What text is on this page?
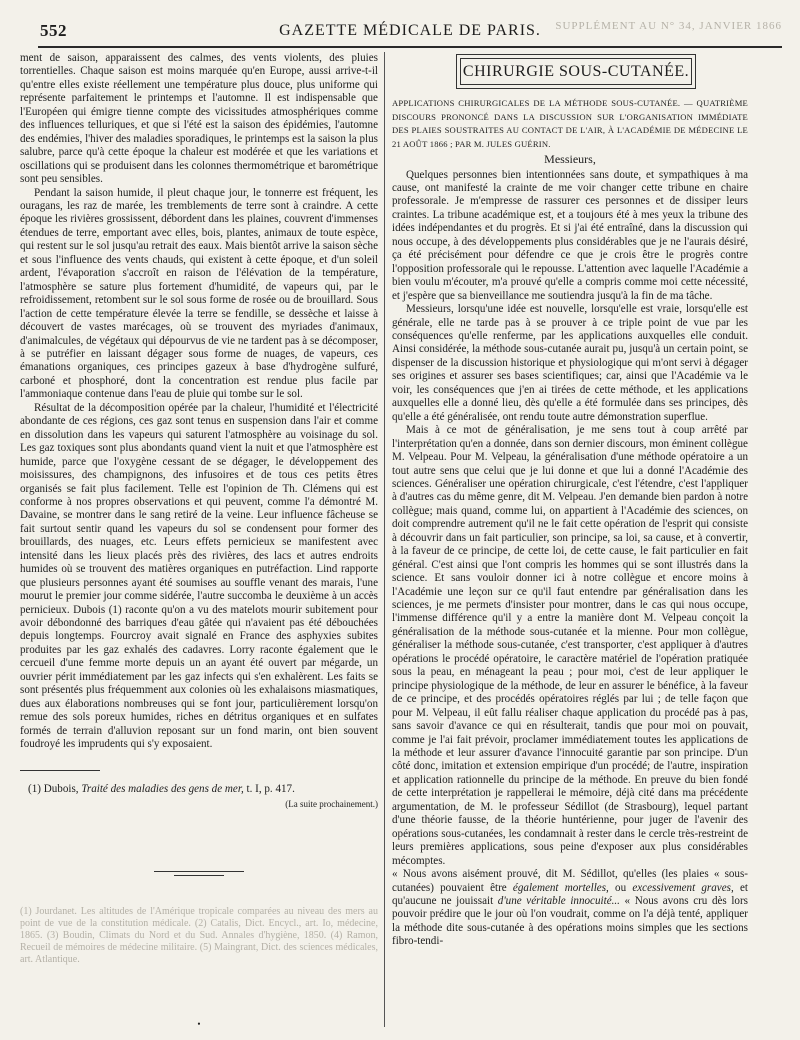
552	GAZETTE MÉDICALE DE PARIS.	SUPPLÉMENT AU N° 34, JANVIER 1866

ment de saison, apparaissent des calmes, des vents violents, des pluies torrentielles. Chaque saison est moins marquée qu'en Europe, aussi arrive-t-il qu'entre elles existe réellement une température plus douce, plus uniforme qui représente parfaitement le printemps et l'automne. Il est indispensable que l'Européen qui émigre tienne compte des vicissitudes atmosphériques comme des influences telluriques, et que si l'été est la saison des épidémies, l'automne des endémies, l'hiver des maladies sporadiques, le printemps est la saison la plus salubre, parce qu'à cette époque la chaleur est modérée et que les variations et oscillations qui se produisent dans les colonnes thermométrique et barométrique sont peu sensibles.

Pendant la saison humide, il pleut chaque jour, le tonnerre est fréquent, les ouragans, les raz de marée, les tremblements de terre sont à craindre. A cette époque les rivières grossissent, débordent dans les plaines, couvrent d'immenses étendues de terre, emportant avec elles, bois, plantes, animaux de toute espèce, qui restent sur le sol jusqu'au retrait des eaux. Mais bientôt arrive la saison sèche et sous l'influence des vents chauds, qui existent à cette époque, et d'un soleil ardent, l'évaporation s'accroît en raison de l'élévation de la température, l'atmosphère se sature plus fortement d'humidité, de vapeurs qui, par le refroidissement, retombent sur le sol sous forme de rosée ou de brouillard. Sous l'action de cette température élevée la terre se fendille, se dessèche et laisse à découvert de vastes marécages, où se trouvent des myriades d'animaux, d'animalcules, de végétaux qui dépourvus de vie ne tardent pas à se décomposer, à se putréfier en laissant dégager sous forme de nuages, de vapeurs, ces émanations organiques, ces principes gazeux à base d'hydrogène sulfuré, carboné et phosphoré, dont la concentration est rendue plus facile par l'ammoniaque contenue dans l'eau de pluie qui tombe sur le sol.

Résultat de la décomposition opérée par la chaleur, l'humidité et l'électricité abondante de ces régions, ces gaz sont tenus en suspension dans l'air et comme en dissolution dans les vapeurs qui saturent l'atmosphère au voisinage du sol. Les gaz toxiques sont plus abondants quand vient la nuit et que l'atmosphère est humide, parce que l'oxygène cessant de se dégager, le développement des moisissures, des champignons, des infusoires et de tous ces petits êtres organisés se fait plus facilement. Telle est l'opinion de Th. Clémens qui est conforme à nos propres observations et qui peuvent, comme l'a démontré M. Davaine, se montrer dans le sang retiré de la veine. Leur influence fâcheuse se fait surtout sentir quand les vapeurs du sol se condensent pour former des brouillards, des nuages, etc. Leurs effets pernicieux se manifestent avec intensité dans les lieux placés près des rivières, des lacs et autres endroits humides où se trouvent des matières organiques en putréfaction. Lind rapporte que plusieurs personnes ayant été soumises au souffle venant des marais, l'une mourut le premier jour comme sidérée, l'autre succomba le deuxième à un accès pernicieux. Dubois (1) raconte qu'on a vu des matelots mourir subitement pour avoir débondonné des barriques d'eau gâtée qui n'avaient pas été débouchées depuis longtemps. Fourcroy avait signalé en France des asphyxies subites produites par les gaz exhalés des cadavres. Lorry raconte également que le cercueil d'une femme morte depuis un an ayant été ouvert par mégarde, un ouvrier périt immédiatement par les gaz infects qui s'en exhalèrent. Les faits se sont présentés plus fréquemment aux colonies où les exhalaisons miasmatiques, dues aux élaborations nombreuses qui se font jour, particulièrement lorsqu'on remue des sols poreux humides, riches en détritus organiques et en sulfates formés de terrain d'alluvion reposant sur un fond marin, ont bien souvent foudroyé les imprudents qui s'y exposaient.

(1) Dubois, Traité des maladies des gens de mer, t. I, p. 417.

(La suite prochainement.)
(1) Jourdanet. Les altitudes de l'Amérique tropicale comparées au niveau des mers au point de vue de la constitution médicale. (2) Catalis, Dict. Encycl., art. Io, médecine, 1865. (3) Boudin, Climats du Nord et du Sud. Annales d'hygiène, 1850. (4) Ramon, Recueil de mémoires de médecine militaire. (5) Maingrant, Dict. des sciences médicales, art. Atlantique.
•
CHIRURGIE SOUS-CUTANÉE.

APPLICATIONS CHIRURGICALES DE LA MÉTHODE SOUS-CUTANÉE. — QUATRIÈME DISCOURS PRONONCÉ DANS LA DISCUSSION SUR L'ORGANISATION IMMÉDIATE DES PLAIES SOUSTRAITES AU CONTACT DE L'AIR, À L'ACADÉMIE DE MÉDECINE LE 21 AOÛT 1866 ; PAR M. JULES GUÉRIN.

Messieurs,

Quelques personnes bien intentionnées sans doute, et sympathiques à ma cause, ont manifesté la crainte de me voir changer cette tribune en chaire professorale. Je m'empresse de rassurer ces personnes et de dissiper leurs craintes. La tribune académique est, et a toujours été à mes yeux la tribune des idées indépendantes et du progrès. Et si j'ai été entraîné, dans la discussion qui nous occupe, à des développements plus considérables que je ne l'aurais désiré, ça été précisément pour défendre ce que je crois être le progrès contre l'opposition professorale qui le repousse. L'attention avec laquelle l'Académie a bien voulu m'écouter, m'a prouvé qu'elle a compris comme moi cette nécessité, et j'espère que sa bienveillance me soutiendra jusqu'à la fin de ma tâche.

Messieurs, lorsqu'une idée est nouvelle, lorsqu'elle est vraie, lorsqu'elle est générale, elle ne tarde pas à se prouver à ce triple point de vue par les conséquences qu'elle renferme, par les applications auxquelles elle conduit. Ainsi considérée, la méthode sous-cutanée aurait pu, jusqu'à un certain point, se dispenser de la discussion historique et physiologique qui m'ont servi à dégager ses origines et assurer ses bases scientifiques; car, ainsi que l'Académie va le voir, les conséquences que j'en ai tirées de cette méthode, et les applications auxquelles elle a donné lieu, dès qu'elle a été formulée dans ses principes, dès qu'elle a été généralisée, ont rendu toute autre démonstration superflue.

Mais à ce mot de généralisation, je me sens tout à coup arrêté par l'interprétation qu'en a donnée, dans son dernier discours, mon éminent collègue M. Velpeau. Pour M. Velpeau, la généralisation d'une méthode opératoire a un tout autre sens que celui que je lui donne et que lui a donné l'Académie des sciences. Généraliser une opération chirurgicale, c'est l'étendre, c'est l'appliquer à d'autres cas du même genre, dit M. Velpeau. J'en demande bien pardon à notre collègue; mais quand, comme lui, on appartient à l'Académie des sciences, on doit comprendre autrement qu'il ne le fait cette opération de l'esprit qui consiste à découvrir dans un fait particulier, son principe, sa loi, sa cause, et à convertir, à la faveur de ce principe, de cette loi, de cette cause, le fait particulier en fait général. C'est ainsi que l'ont compris les hommes qui se sont illustrés dans la science. Et sans vouloir donner ici à notre collègue et encore moins à l'Académie une leçon sur ce qu'il faut entendre par généralisation dans les sciences, je me permets d'insister pour montrer, dans le cas qui nous occupe, l'immense différence qu'il y a entre la manière dont M. Velpeau conçoit la généralisation de la méthode sous-cutanée et la mienne. Pour mon collègue, généraliser la méthode sous-cutanée, c'est transporter, c'est appliquer à d'autres opérations le procédé opératoire, le caractère matériel de l'opération pratiquée sous la peau, en ménageant la peau ; pour moi, c'est de leur appliquer le principe physiologique de la méthode, de leur en assurer le bénéfice, à la faveur de ce principe, et des procédés opératoires réglés par lui ; de telle façon que pour M. Velpeau, il eût fallu réaliser chaque application du procédé pas à pas, sans savoir d'avance ce qui en résulterait, tandis que pour moi on pouvait, comme je l'ai fait prévoir, proclamer immédiatement toutes les applications de la méthode et leur assurer d'avance l'innocuité garantie par son principe. D'un côté donc, imitation et extension empirique d'un procédé; de l'autre, inspiration et application rationnelle du principe de la méthode. En preuve du bien fondé de cette interprétation je rappellerai le mémoire, déjà cité dans ma précédente argumentation, de M. le professeur Sédillot (de Strasbourg), lequel partant d'une théorie fausse, de la théorie huntérienne, pour juger de l'avenir des opérations sous-cutanées, les condamnait à rester dans le cercle très-restreint de leurs premières applications, sous peine d'exposer aux plus considérables mécomptes.

« Nous avons aisément prouvé, dit M. Sédillot, qu'elles (les plaies « sous-cutanées) pouvaient être également mortelles, ou excessivement graves, et qu'aucune ne jouissait d'une véritable innocuité... « Nous avons cru dès lors pouvoir prédire que le jour où l'on voudrait, comme on l'a déjà tenté, appliquer la méthode dite sous-cutanée à des opérations moins simples que les sections fibro-tendi-
